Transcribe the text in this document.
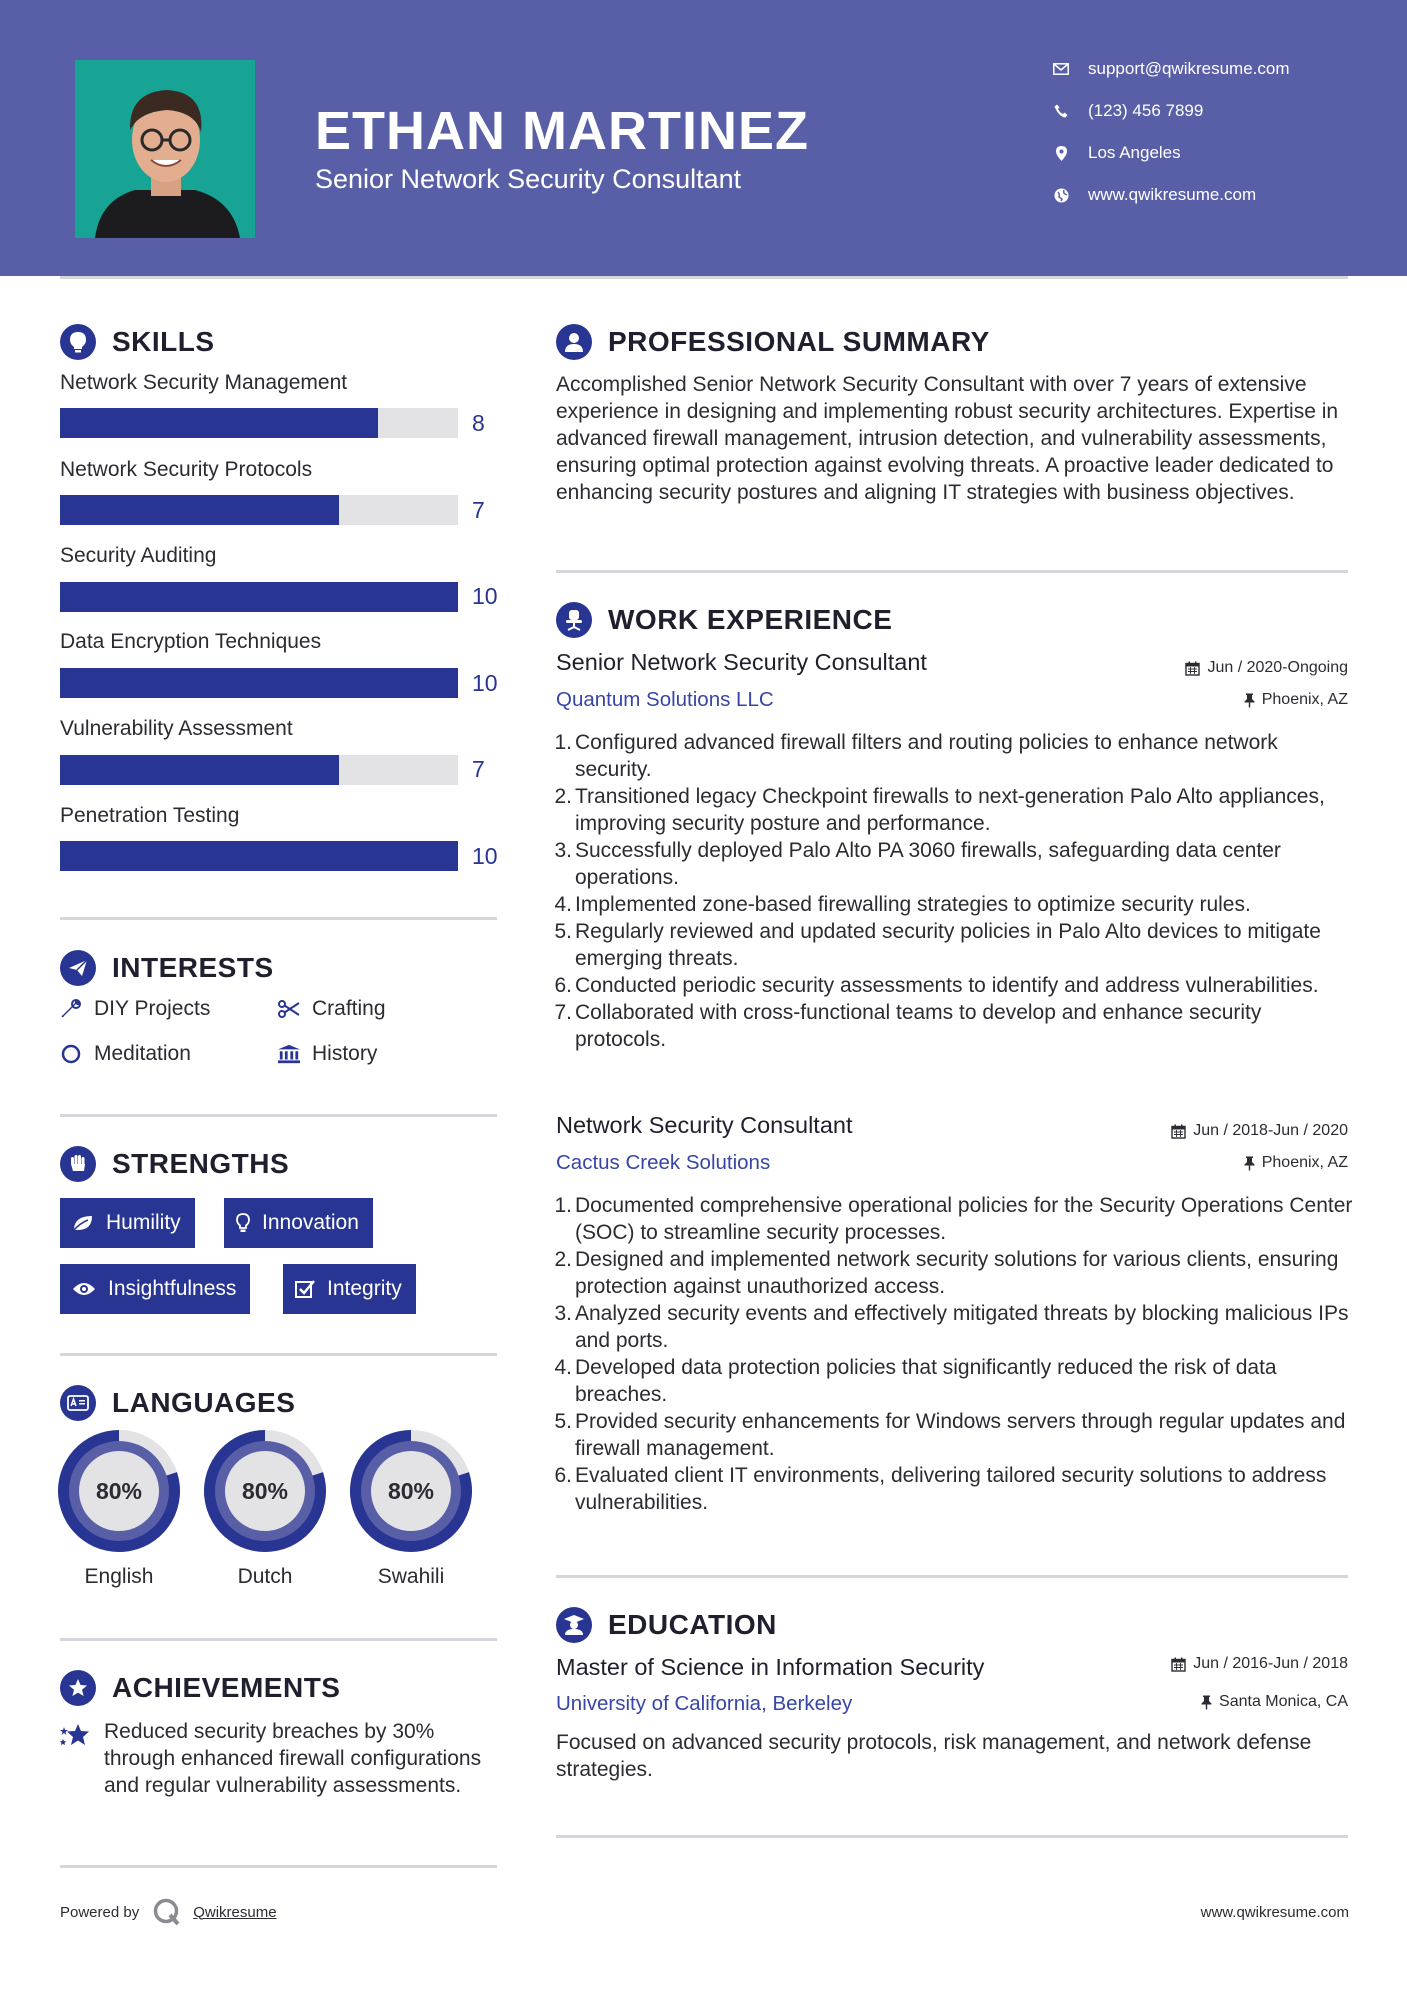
ETHAN MARTINEZ
Senior Network Security Consultant
support@qwikresume.com
(123) 456 7899
Los Angeles
www.qwikresume.com
SKILLS
Network Security Management
8
Network Security Protocols
7
Security Auditing
10
Data Encryption Techniques
10
Vulnerability Assessment
7
Penetration Testing
10
INTERESTS
DIY Projects	Crafting
Meditation	History
STRENGTHS
Humility	Innovation
Insightfulness	Integrity
LANGUAGES
80%
English
80%
Dutch
80%
Swahili
ACHIEVEMENTS
Reduced security breaches by 30% through enhanced firewall configurations and regular vulnerability assessments.
PROFESSIONAL SUMMARY
Accomplished Senior Network Security Consultant with over 7 years of extensive experience in designing and implementing robust security architectures. Expertise in advanced firewall management, intrusion detection, and vulnerability assessments, ensuring optimal protection against evolving threats. A proactive leader dedicated to enhancing security postures and aligning IT strategies with business objectives.
WORK EXPERIENCE
Senior Network Security Consultant	Jun / 2020-Ongoing
Quantum Solutions LLC	Phoenix, AZ
1. Configured advanced firewall filters and routing policies to enhance network security.
2. Transitioned legacy Checkpoint firewalls to next-generation Palo Alto appliances, improving security posture and performance.
3. Successfully deployed Palo Alto PA 3060 firewalls, safeguarding data center operations.
4. Implemented zone-based firewalling strategies to optimize security rules.
5. Regularly reviewed and updated security policies in Palo Alto devices to mitigate emerging threats.
6. Conducted periodic security assessments to identify and address vulnerabilities.
7. Collaborated with cross-functional teams to develop and enhance security protocols.
Network Security Consultant	Jun / 2018-Jun / 2020
Cactus Creek Solutions	Phoenix, AZ
1. Documented comprehensive operational policies for the Security Operations Center (SOC) to streamline security processes.
2. Designed and implemented network security solutions for various clients, ensuring protection against unauthorized access.
3. Analyzed security events and effectively mitigated threats by blocking malicious IPs and ports.
4. Developed data protection policies that significantly reduced the risk of data breaches.
5. Provided security enhancements for Windows servers through regular updates and firewall management.
6. Evaluated client IT environments, delivering tailored security solutions to address vulnerabilities.
EDUCATION
Master of Science in Information Security	Jun / 2016-Jun / 2018
University of California, Berkeley	Santa Monica, CA
Focused on advanced security protocols, risk management, and network defense strategies.
Powered by	Qwikresume	www.qwikresume.com
